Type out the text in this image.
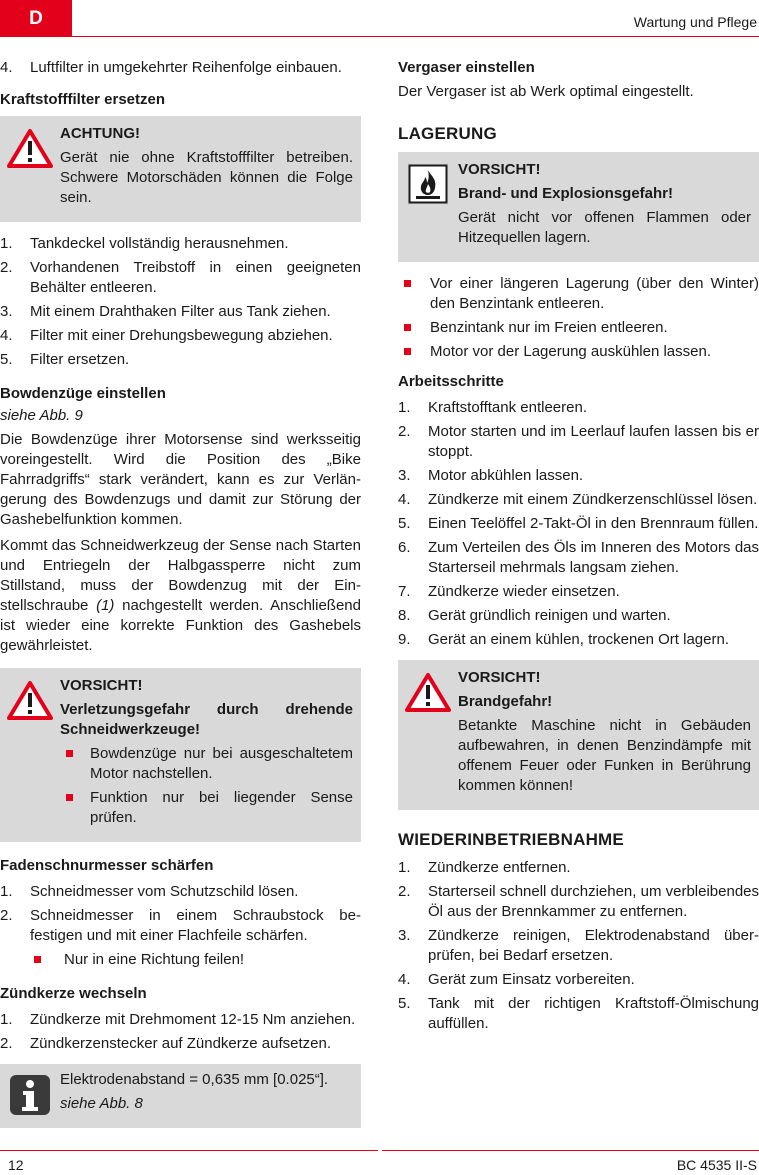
D	Wartung und Pflege
4.	Luftfilter in umgekehrter Reihenfolge einbauen.
Kraftstofffilter ersetzen
ACHTUNG!

Gerät nie ohne Kraftstofffilter betreiben. Schwere Motorschäden können die Folge sein.

1.	Tankdeckel vollständig herausnehmen.
2.	Vorhandenen Treibstoff in einen geeigneten Behälter entleeren.
3.	Mit einem Drahthaken Filter aus Tank ziehen.
4.	Filter mit einer Drehungsbewegung abziehen.
5.	Filter ersetzen.
Bowdenzüge einstellen

siehe Abb. 9

Die Bowdenzüge ihrer Motorsense sind werksseitig voreingestellt. Wird die Position des „Bike Fahrradgriffs“ stark verändert, kann es zur Verlängerung des Bowdenzugs und damit zur Störung der Gashebelfunktion kommen.

Kommt das Schneidwerkzeug der Sense nach Starten und Entriegeln der Halbgassperre nicht zum Stillstand, muss der Bowdenzug mit der Einstellschraube (1) nachgestellt werden. Anschließend ist wieder eine korrekte Funktion des Gashebels gewährleistet.

VORSICHT!

Verletzungsgefahr durch drehende Schneidwerkzeuge!

Bowdenzüge nur bei ausgeschaltetem Motor nachstellen.
Funktion nur bei liegender Sense prüfen.
Fadenschnurmesser schärfen
1.	Schneidmesser vom Schutzschild lösen.
2.	Schneidmesser in einem Schraubstock befestigen und mit einer Flachfeile schärfen.
Nur in eine Richtung feilen!
Zündkerze wechseln
1.	Zündkerze mit Drehmoment 12-15 Nm anziehen.
2.	Zündkerzenstecker auf Zündkerze aufsetzen.

Elektrodenabstand = 0,635 mm [0.025“].

siehe Abb. 8

Vergaser einstellen

Der Vergaser ist ab Werk optimal eingestellt.

LAGERUNG
VORSICHT!

Brand- und Explosionsgefahr!

Gerät nicht vor offenen Flammen oder Hitzequellen lagern.

Vor einer längeren Lagerung (über den Winter) den Benzintank entleeren.
Benzintank nur im Freien entleeren.
Motor vor der Lagerung auskühlen lassen.
Arbeitsschritte
1.	Kraftstofftank entleeren.
2.	Motor starten und im Leerlauf laufen lassen bis er stoppt.
3.	Motor abkühlen lassen.
4.	Zündkerze mit einem Zündkerzenschlüssel lösen.
5.	Einen Teelöffel 2-Takt-Öl in den Brennraum füllen.
6.	Zum Verteilen des Öls im Inneren des Motors das Starterseil mehrmals langsam ziehen.
7.	Zündkerze wieder einsetzen.
8.	Gerät gründlich reinigen und warten.
9.	Gerät an einem kühlen, trockenen Ort lagern.
VORSICHT!

Brandgefahr!

Betankte Maschine nicht in Gebäuden aufbewahren, in denen Benzindämpfe mit offenem Feuer oder Funken in Berührung kommen können!

WIEDERINBETRIEBNAHME
1.	Zündkerze entfernen.
2.	Starterseil schnell durchziehen, um verbleibendes Öl aus der Brennkammer zu entfernen.
3.	Zündkerze reinigen, Elektrodenabstand überprüfen, bei Bedarf ersetzen.
4.	Gerät zum Einsatz vorbereiten.
5.	Tank mit der richtigen Kraftstoff-Ölmischung auffüllen.
12	BC 4535 II-S
